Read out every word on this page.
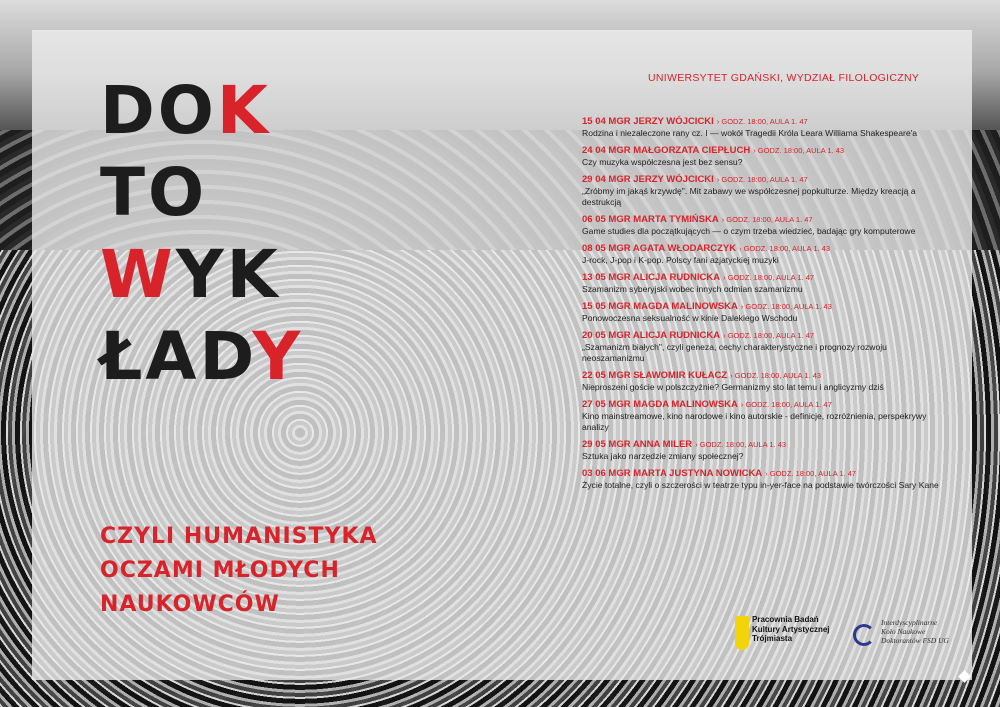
DOK
TO
WYK
ŁADY
CZYLI HUMANISTYKA
OCZAMI MŁODYCH
NAUKOWCÓW
UNIWERSYTET GDAŃSKI, WYDZIAŁ FILOLOGICZNY
15 04 MGR JERZY WÓJCICKI › GODZ. 18:00, AULA 1. 47
Rodzina i niezaleczone rany cz. I — wokół Tragedii Króla Leara Williama Shakespeare'a
24 04 MGR MAŁGORZATA CIEPŁUCH › GODZ. 18:00, AULA 1. 43
Czy muzyka współczesna jest bez sensu?
29 04 MGR JERZY WÓJCICKI › GODZ. 18:00, AULA 1. 47
„Zróbmy im jakąś krzywdę". Mit zabawy we współczesnej popkulturze. Między kreacją a destrukcją
06 05 MGR MARTA TYMIŃSKA › GODZ. 18:00, AULA 1. 47
Game studies dla początkujących — o czym trzeba wiedzieć, badając gry komputerowe
08 05 MGR AGATA WŁODARCZYK › GODZ. 18:00, AULA 1. 43
J-rock, J-pop i K-pop. Polscy fani azjatyckiej muzyki
13 05 MGR ALICJA RUDNICKA › GODZ. 18:00, AULA 1. 47
Szamanizm syberyjski wobec innych odmian szamanizmu
15 05 MGR MAGDA MALINOWSKA › GODZ. 18:00, AULA 1. 43
Ponowoczesna seksualność w kinie Dalekiego Wschodu
20 05 MGR ALICJA RUDNICKA › GODZ. 18:00, AULA 1. 47
„Szamanizm białych", czyli geneza, cechy charakterystyczne i prognozy rozwoju neoszamanizmu
22 05 MGR SŁAWOMIR KUŁACZ › GODZ. 18:00, AULA 1. 43
Nieproszeni goście w polszczyźnie? Germanizmy sto lat temu i anglicyzmy dziś
27 05 MGR MAGDA MALINOWSKA › GODZ. 18:00, AULA 1. 47
Kino mainstreamowe, kino narodowe i kino autorskie - definicje, rozróżnienia, perspekrywy analizy
29 05 MGR ANNA MILER › GODZ. 18:00, AULA 1. 43
Sztuka jako narzędzie zmiany społecznej?
03 06 MGR MARTA JUSTYNA NOWICKA › GODZ. 18:00, AULA 1. 47
Życie totalne, czyli o szczerości w teatrze typu in-yer-face na podstawie twórczości Sary Kane
Pracownia Badań
Kultury Artystycznej
Trójmiasta
Interdyscyplinarne
Koło Naukowe
Doktorantów FSD UG
